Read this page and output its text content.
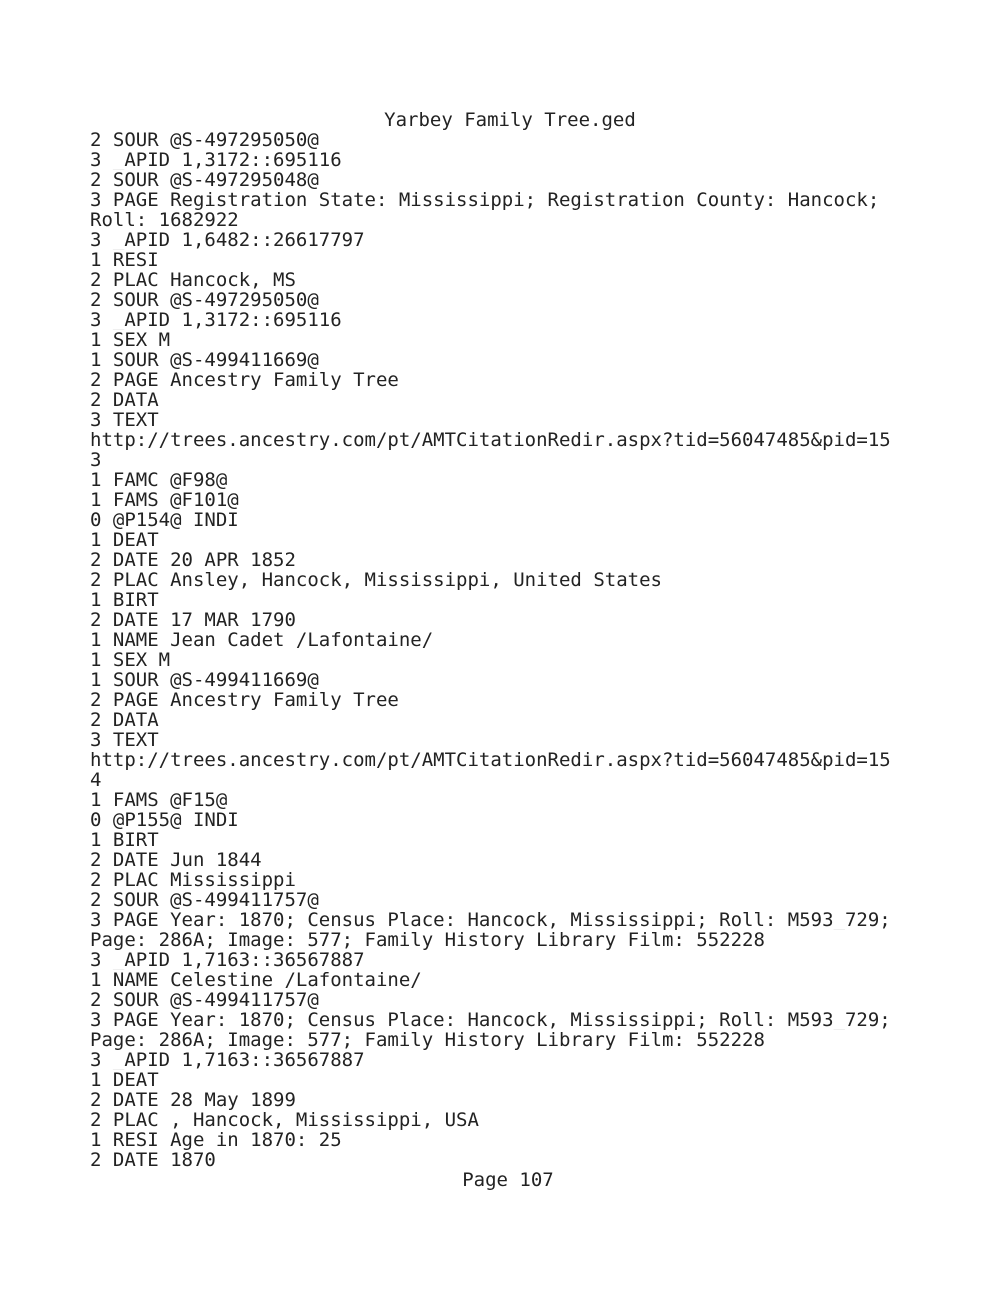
Yarbey Family Tree.ged
2 SOUR @S-497295050@
3 _APID 1,3172::695116
2 SOUR @S-497295048@
3 PAGE Registration State: Mississippi; Registration County: Hancock;
Roll: 1682922
3 _APID 1,6482::26617797
1 RESI
2 PLAC Hancock, MS
2 SOUR @S-497295050@
3 _APID 1,3172::695116
1 SEX M
1 SOUR @S-499411669@
2 PAGE Ancestry Family Tree
2 DATA
3 TEXT
http://trees.ancestry.com/pt/AMTCitationRedir.aspx?tid=56047485&pid=15
3
1 FAMC @F98@
1 FAMS @F101@
0 @P154@ INDI
1 DEAT
2 DATE 20 APR 1852
2 PLAC Ansley, Hancock, Mississippi, United States
1 BIRT
2 DATE 17 MAR 1790
1 NAME Jean Cadet /Lafontaine/
1 SEX M
1 SOUR @S-499411669@
2 PAGE Ancestry Family Tree
2 DATA
3 TEXT
http://trees.ancestry.com/pt/AMTCitationRedir.aspx?tid=56047485&pid=15
4
1 FAMS @F15@
0 @P155@ INDI
1 BIRT
2 DATE Jun 1844
2 PLAC Mississippi
2 SOUR @S-499411757@
3 PAGE Year: 1870; Census Place: Hancock, Mississippi; Roll: M593_729;
Page: 286A; Image: 577; Family History Library Film: 552228
3 _APID 1,7163::36567887
1 NAME Celestine /Lafontaine/
2 SOUR @S-499411757@
3 PAGE Year: 1870; Census Place: Hancock, Mississippi; Roll: M593_729;
Page: 286A; Image: 577; Family History Library Film: 552228
3 _APID 1,7163::36567887
1 DEAT
2 DATE 28 May 1899
2 PLAC , Hancock, Mississippi, USA
1 RESI Age in 1870: 25
2 DATE 1870
Page 107
